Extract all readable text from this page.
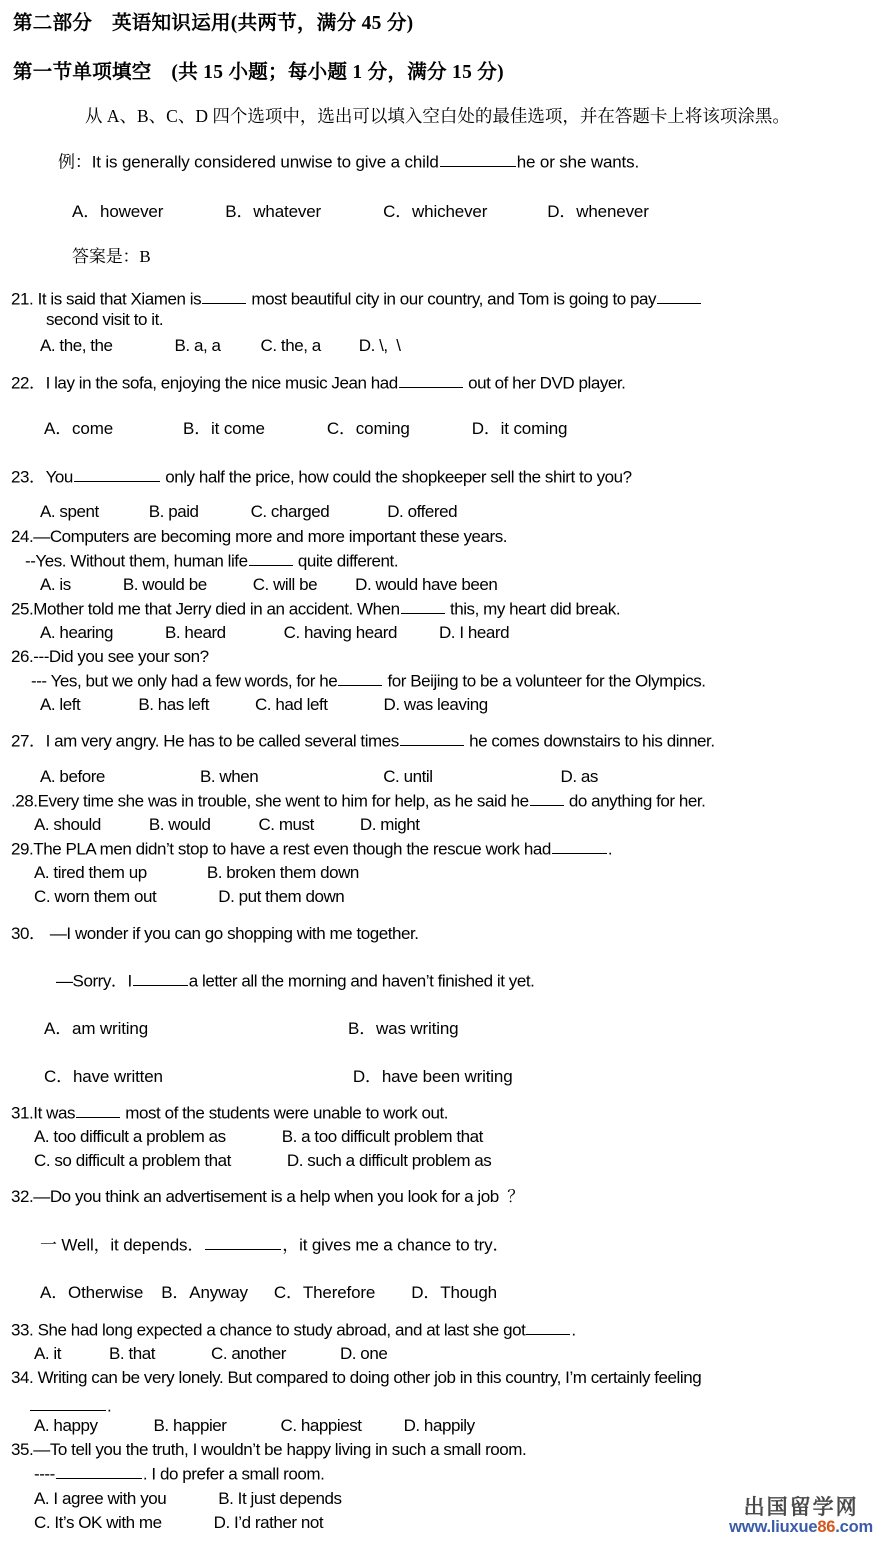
第二部分　英语知识运用(共两节，满分 45 分)
第一节单项填空　(共 15 小题；每小题 1 分，满分 15 分)
从 A、B、C、D 四个选项中，选出可以填入空白处的最佳选项，并在答题卡上将该项涂黑。
例：It is generally considered unwise to give a child	he or she wants.
A．however	B．whatever	C．whichever	D．whenever
答案是：B
21. It is said that Xiamen is	most beautiful city in our country, and Tom is going to pay
second visit to it.
A. the, the	B. a, a C. the, a D. \,  \
22．I lay in the sofa, enjoying the nice music Jean had	out of her DVD player.
A．come	B．it come	C．coming	D．it coming
23．You	only half the price, how could the shopkeeper sell the shirt to you?
A. spent	B. paid	C. charged	D. offered
24.—Computers are becoming more and more important these years.
--Yes. Without them, human life	quite different.
A. is	B. would be	C. will be D. would have been
25.Mother told me that Jerry died in an accident. When	this, my heart did break.
A. hearing	B. heard	C. having heard D. I heard
26.---Did you see your son?
--- Yes, but we only had a few words, for he	for Beijing to be a volunteer for the Olympics.
A. left	B. has left	C. had left	D. was leaving
27．I am very angry. He has to be called several times	he comes downstairs to his dinner.
A. before	B. when	C. until	D. as
.28.Every time she was in trouble, she went to him for help, as he said he do anything for her.
A. should	B. would	C. must	D. might
29.The PLA men didn’t stop to have a rest even though the rescue work had	.
A. tired them up	B. broken them down
C. worn them out	D. put them down
30． —I wonder if you can go shopping with me together.
—Sorry．I	a letter all the morning and haven’t finished it yet.
A．am writing	B．was writing
C．have written	D．have been writing
31.It was	most of the students were unable to work out.
A. too difficult a problem as	B. a too difficult problem that
C. so difficult a problem that	D. such a difficult problem as
32.—Do you think an advertisement is a help when you look for a job  ？
一 Well，it depends．	，it gives me a chance to try．
A．Otherwise B．Anyway C．Therefore D．Though
33. She had long expected a chance to study abroad, and at last she got	.
A. it	B. that	C. another	D. one
34. Writing can be very lonely. But compared to doing other job in this country, I’m certainly feeling
.
A. happy	B. happier	C. happiest D. happily
35.—To tell you the truth, I wouldn’t be happy living in such a small room.
----	. I do prefer a small room.
A. I agree with you	B. It just depends
C. It’s OK with me	D. I’d rather not
出国留学网
www.liuxue86.com
